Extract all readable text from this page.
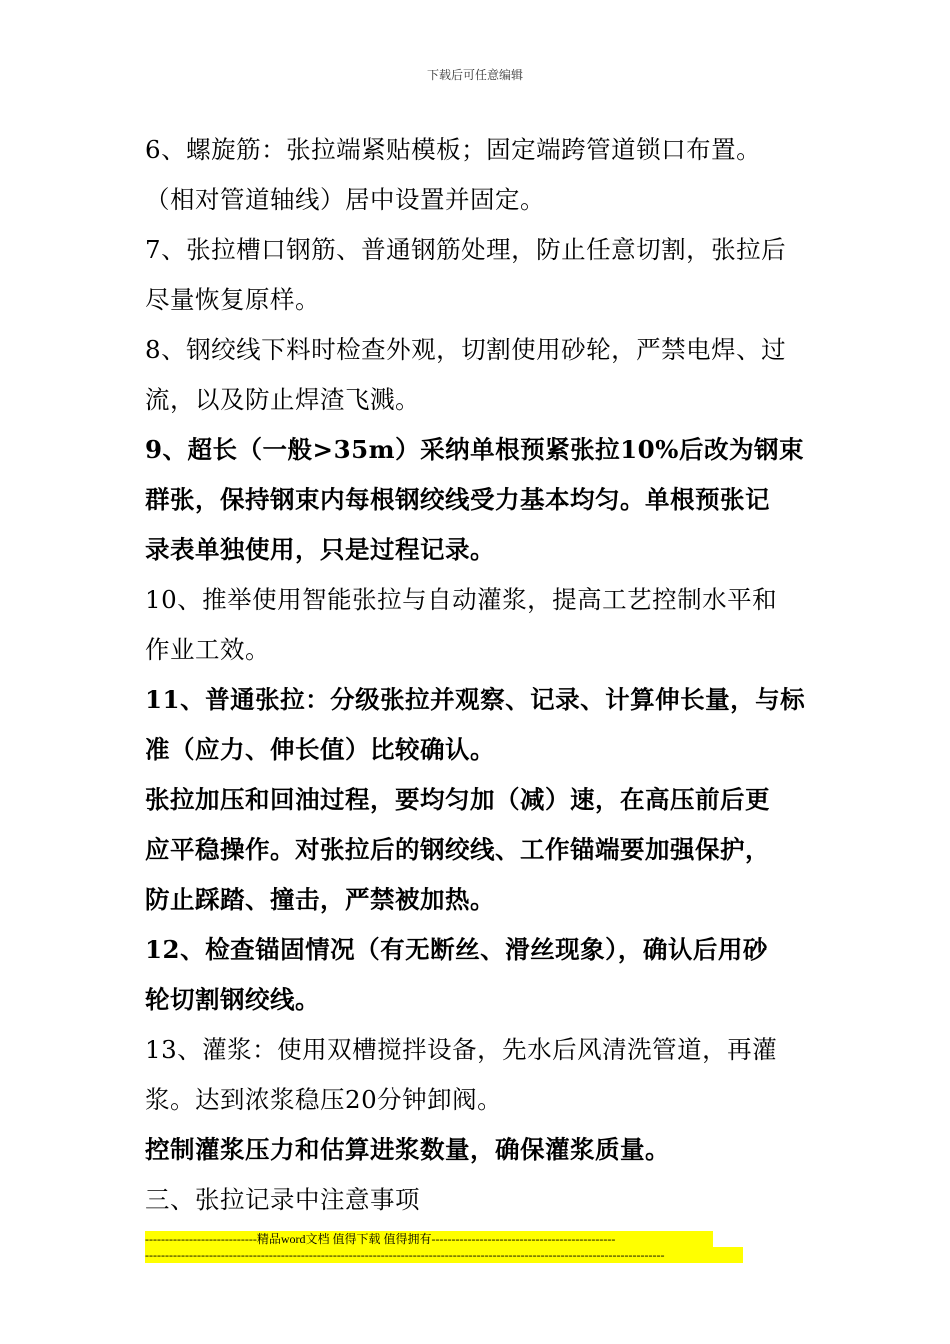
下载后可任意编辑

6、螺旋筋：张拉端紧贴模板；固定端跨管道锁口布置。

（相对管道轴线）居中设置并固定。

7、张拉槽口钢筋、普通钢筋处理，防止任意切割，张拉后

尽量恢复原样。

8、钢绞线下料时检查外观，切割使用砂轮，严禁电焊、过

流，以及防止焊渣飞溅。

9、超长（一般>35m）采纳单根预紧张拉10%后改为钢束

群张，保持钢束内每根钢绞线受力基本均匀。单根预张记

录表单独使用，只是过程记录。

10、推举使用智能张拉与自动灌浆，提高工艺控制水平和

作业工效。

11、普通张拉：分级张拉并观察、记录、计算伸长量，与标

准（应力、伸长值）比较确认。

张拉加压和回油过程，要均匀加（减）速，在高压前后更

应平稳操作。对张拉后的钢绞线、工作锚端要加强保护，

防止踩踏、撞击，严禁被加热。

12、检查锚固情况（有无断丝、滑丝现象），确认后用砂

轮切割钢绞线。

13、灌浆：使用双槽搅拌设备，先水后风清洗管道，再灌

浆。达到浓浆稳压20分钟卸阀。

控制灌浆压力和估算进浆数量，确保灌浆质量。

三、张拉记录中注意事项

----------------------------精品word文档 值得下载 值得拥有----------------------------------------------
----------------------------------------------------------------------------------------------------------------------------------
